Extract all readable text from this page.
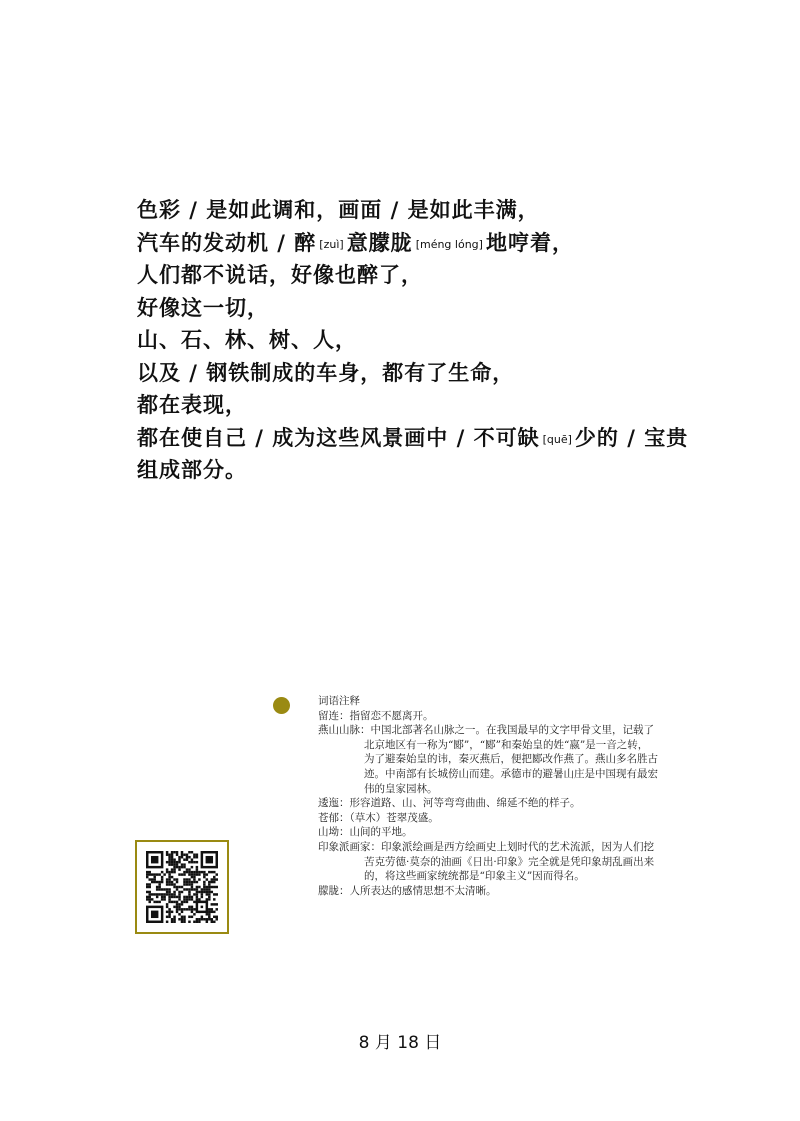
色彩 / 是如此调和，画面 / 是如此丰满，
汽车的发动机 / 醉 [zuì] 意朦胧 [méng lóng] 地哼着，
人们都不说话，好像也醉了，
好像这一切，
山、石、林、树、人，
以及 / 钢铁制成的车身，都有了生命，
都在表现，
都在使自己 / 成为这些风景画中 / 不可缺 [quē] 少的 / 宝贵
组成部分。
词语注释
留连：指留恋不愿离开。
燕山山脉：中国北部著名山脉之一。在我国最早的文字甲骨文里，记载了北京地区有一称为“郾”，“郾”和秦始皇的姓“嬴”是一音之转，为了避秦始皇的讳，秦灭燕后，便把郾改作燕了。燕山多名胜古迹。中南部有长城傍山而建。承德市的避暑山庄是中国现有最宏伟的皇家园林。
逶迤：形容道路、山、河等弯弯曲曲、绵延不绝的样子。
苍郁：（草木）苍翠茂盛。
山坳：山间的平地。
印象派画家：印象派绘画是西方绘画史上划时代的艺术流派，因为人们挖苦克劳德·莫奈的油画《日出·印象》完全就是凭印象胡乱画出来的，将这些画家统统都是“印象主义”因而得名。
朦胧：人所表达的感情思想不太清晰。
8 月 18 日
